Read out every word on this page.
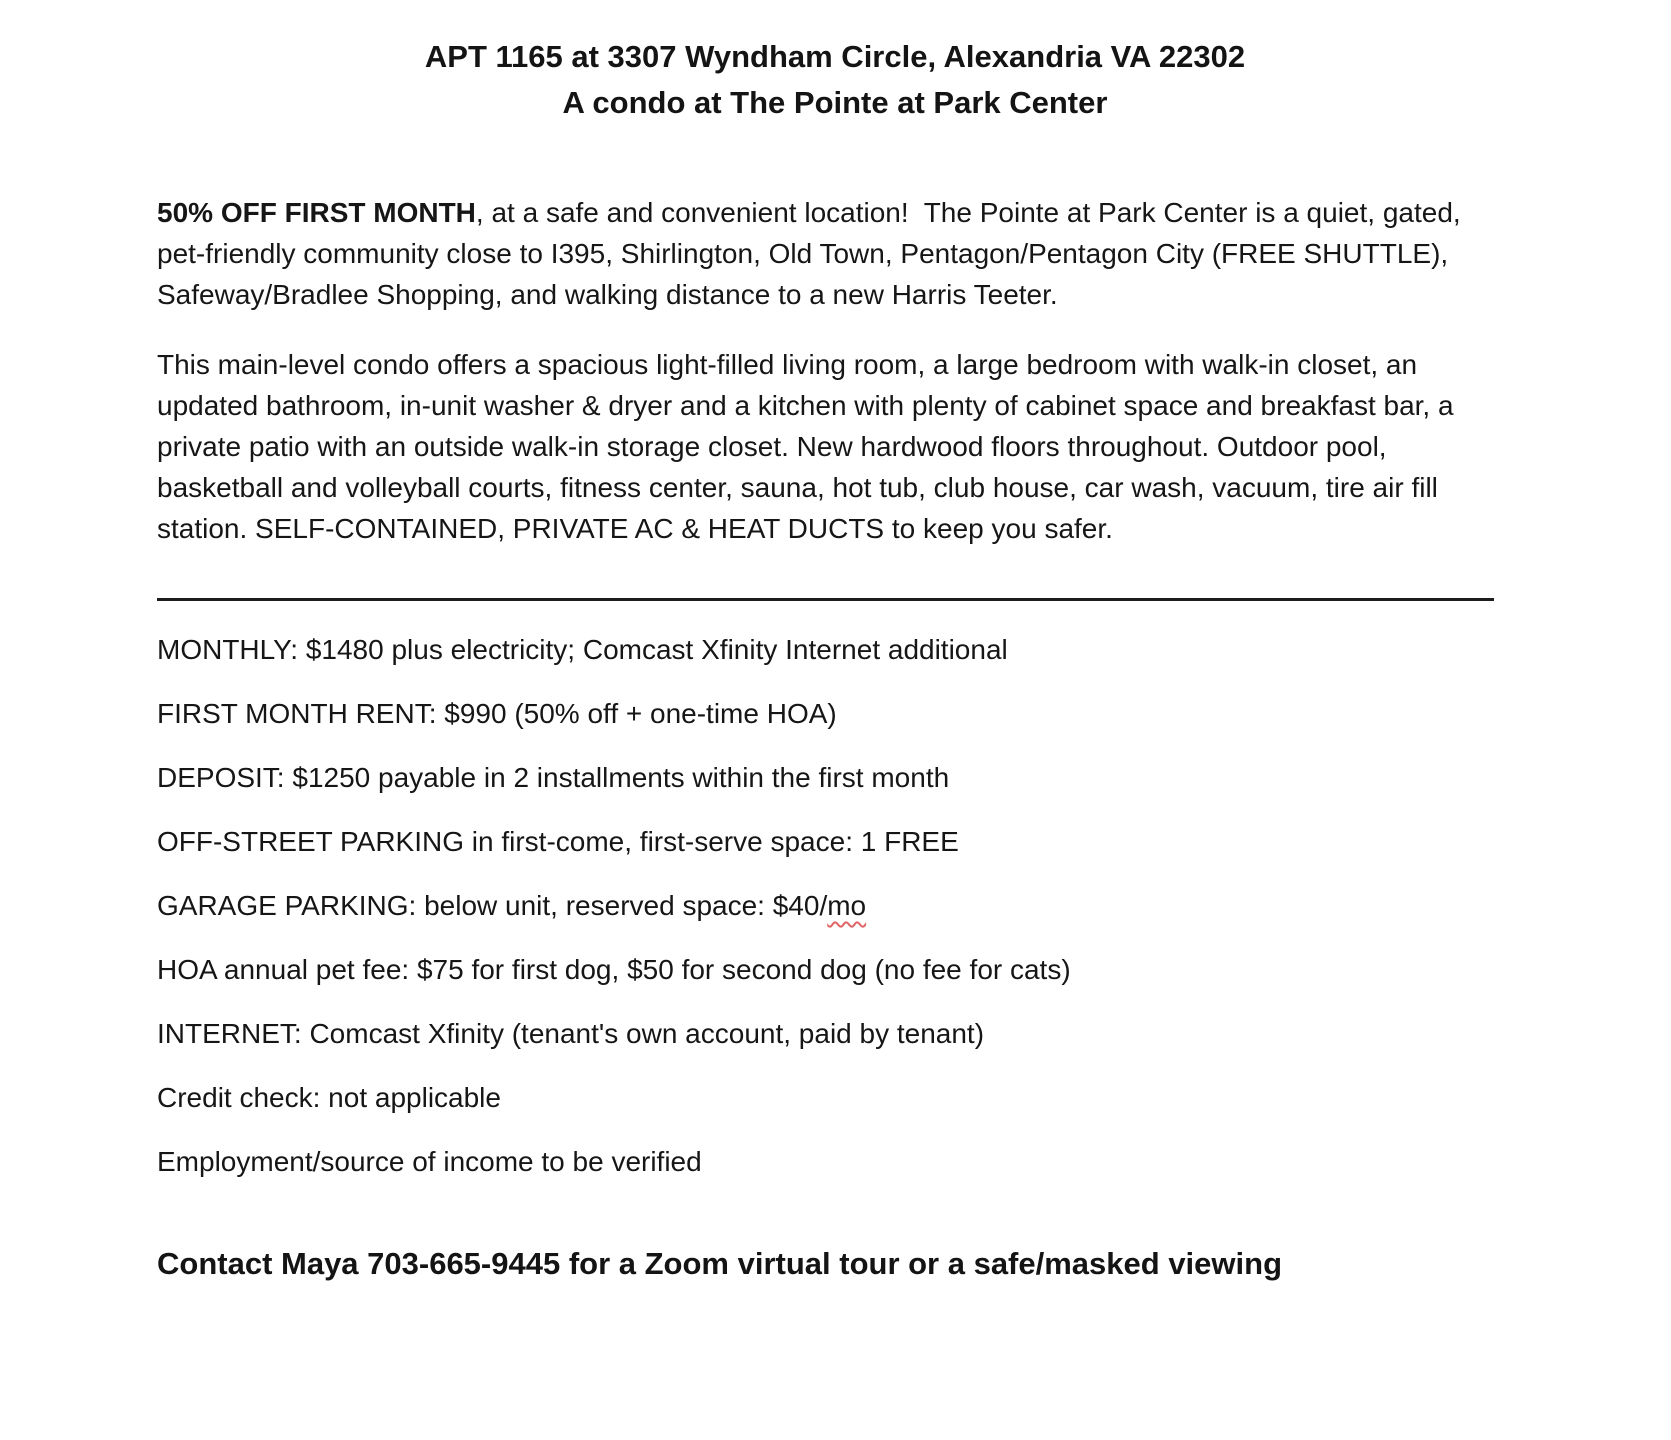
APT 1165 at 3307 Wyndham Circle, Alexandria VA 22302
A condo at The Pointe at Park Center

50% OFF FIRST MONTH, at a safe and convenient location!  The Pointe at Park Center is a quiet, gated, pet-friendly community close to I395, Shirlington, Old Town, Pentagon/Pentagon City (FREE SHUTTLE), Safeway/Bradlee Shopping, and walking distance to a new Harris Teeter.

This main-level condo offers a spacious light-filled living room, a large bedroom with walk-in closet, an updated bathroom, in-unit washer & dryer and a kitchen with plenty of cabinet space and breakfast bar, a private patio with an outside walk-in storage closet. New hardwood floors throughout. Outdoor pool, basketball and volleyball courts, fitness center, sauna, hot tub, club house, car wash, vacuum, tire air fill station. SELF-CONTAINED, PRIVATE AC & HEAT DUCTS to keep you safer.

MONTHLY: $1480 plus electricity; Comcast Xfinity Internet additional

FIRST MONTH RENT: $990 (50% off + one-time HOA)

DEPOSIT: $1250 payable in 2 installments within the first month

OFF-STREET PARKING in first-come, first-serve space: 1 FREE

GARAGE PARKING: below unit, reserved space: $40/mo

HOA annual pet fee: $75 for first dog, $50 for second dog (no fee for cats)

INTERNET: Comcast Xfinity (tenant's own account, paid by tenant)

Credit check: not applicable

Employment/source of income to be verified

Contact Maya 703-665-9445 for a Zoom virtual tour or a safe/masked viewing
